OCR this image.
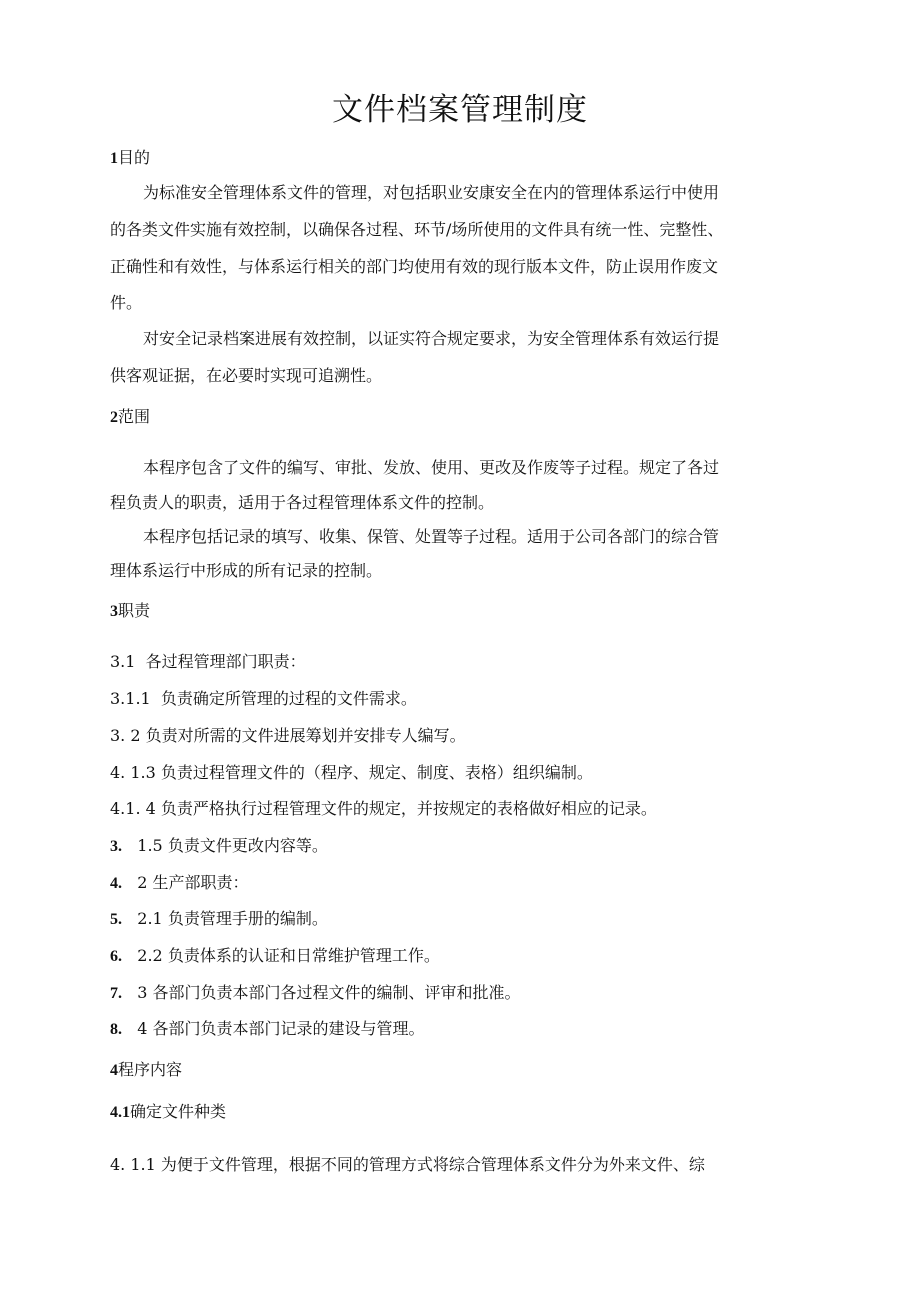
文件档案管理制度
1目的
为标准安全管理体系文件的管理，对包括职业安康安全在内的管理体系运行中使用
的各类文件实施有效控制，以确保各过程、环节/场所使用的文件具有统一性、完整性、
正确性和有效性，与体系运行相关的部门均使用有效的现行版本文件，防止误用作废文
件。
对安全记录档案进展有效控制，以证实符合规定要求，为安全管理体系有效运行提
供客观证据，在必要时实现可追溯性。
2范围
本程序包含了文件的编写、审批、发放、使用、更改及作废等子过程。规定了各过
程负责人的职责，适用于各过程管理体系文件的控制。
本程序包括记录的填写、收集、保管、处置等子过程。适用于公司各部门的综合管
理体系运行中形成的所有记录的控制。
3职责
3.1 各过程管理部门职责：
3.1.1 负责确定所管理的过程的文件需求。
3. 2 负责对所需的文件进展筹划并安排专人编写。
4. 1.3 负责过程管理文件的（程序、规定、制度、表格）组织编制。
4.1. 4 负责严格执行过程管理文件的规定，并按规定的表格做好相应的记录。
3. 1.5 负责文件更改内容等。
4. 2 生产部职责：
5. 2.1 负责管理手册的编制。
6. 2.2 负责体系的认证和日常维护管理工作。
7. 3 各部门负责本部门各过程文件的编制、评审和批准。
8. 4 各部门负责本部门记录的建设与管理。
4程序内容
4.1确定文件种类
4. 1.1 为便于文件管理，根据不同的管理方式将综合管理体系文件分为外来文件、综
